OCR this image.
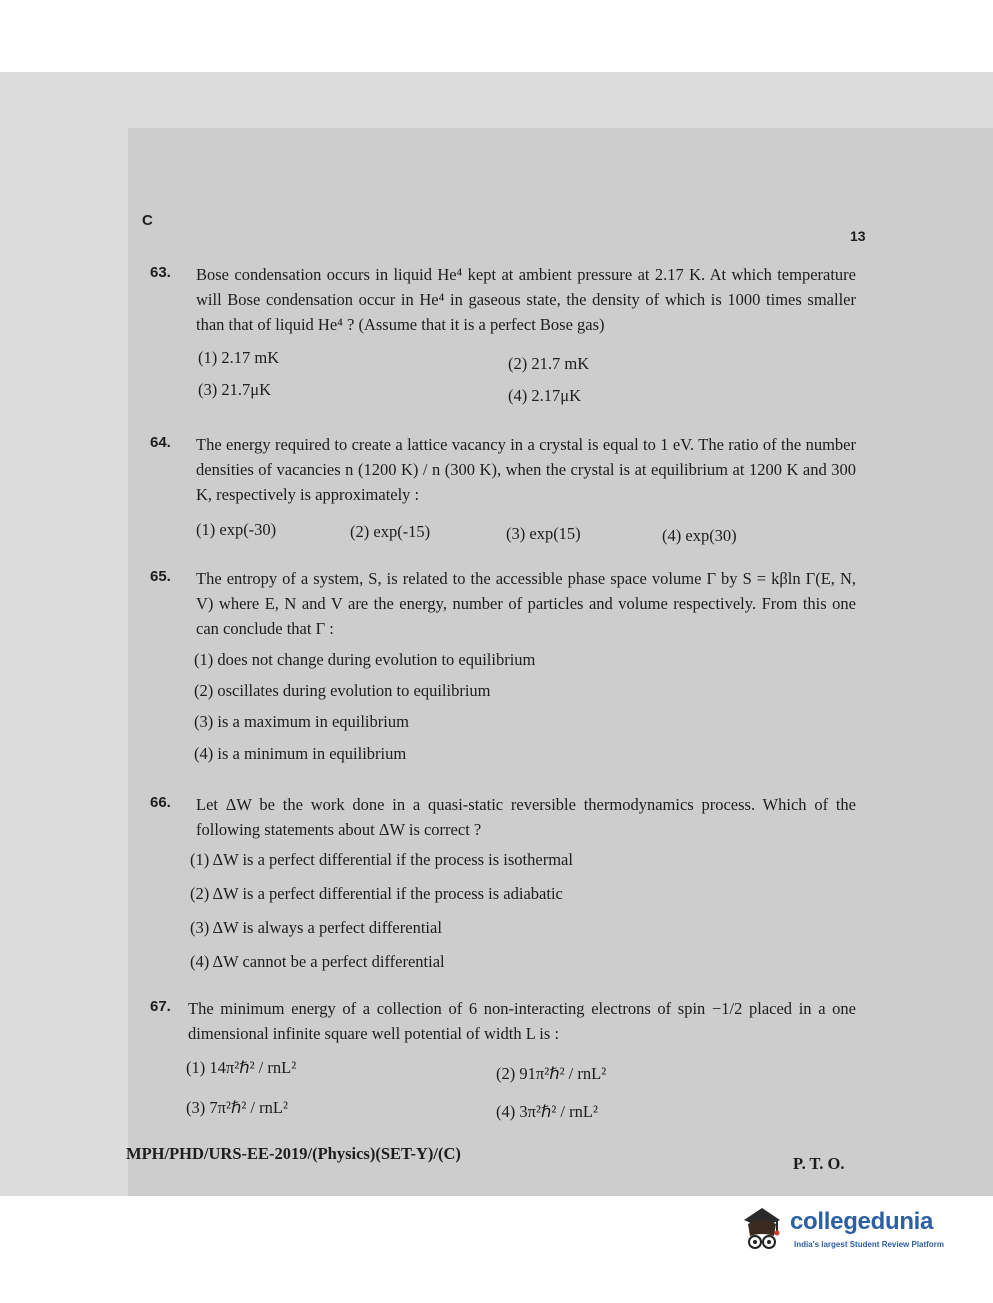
C
13
63. Bose condensation occurs in liquid He⁴ kept at ambient pressure at 2.17 K. At which temperature will Bose condensation occur in He⁴ in gaseous state, the density of which is 1000 times smaller than that of liquid He⁴ ? (Assume that it is a perfect Bose gas)
(1) 2.17 mK	(2) 21.7 mK
(3) 21.7μK	(4) 2.17μK
64. The energy required to create a lattice vacancy in a crystal is equal to 1 eV. The ratio of the number densities of vacancies n (1200 K) / n (300 K), when the crystal is at equilibrium at 1200 K and 300 K, respectively is approximately :
(1) exp(-30)	(2) exp(-15)	(3) exp(15)	(4) exp(30)
65. The entropy of a system, S, is related to the accessible phase space volume Γ by S = kβln Γ(E, N, V) where E, N and V are the energy, number of particles and volume respectively. From this one can conclude that Γ :
(1) does not change during evolution to equilibrium
(2) oscillates during evolution to equilibrium
(3) is a maximum in equilibrium
(4) is a minimum in equilibrium
66. Let ΔW be the work done in a quasi-static reversible thermodynamics process. Which of the following statements about ΔW is correct ?
(1) ΔW is a perfect differential if the process is isothermal
(2) ΔW is a perfect differential if the process is adiabatic
(3) ΔW is always a perfect differential
(4) ΔW cannot be a perfect differential
67. The minimum energy of a collection of 6 non-interacting electrons of spin −1/2 placed in a one dimensional infinite square well potential of width L is :
(1) 14π²ℏ² / rnL²	(2) 91π²ℏ² / rnL²
(3) 7π²ℏ² / rnL²	(4) 3π²ℏ² / rnL²
MPH/PHD/URS-EE-2019/(Physics)(SET-Y)/(C)
P. T. O.
collegedunia
India's largest Student Review Platform
